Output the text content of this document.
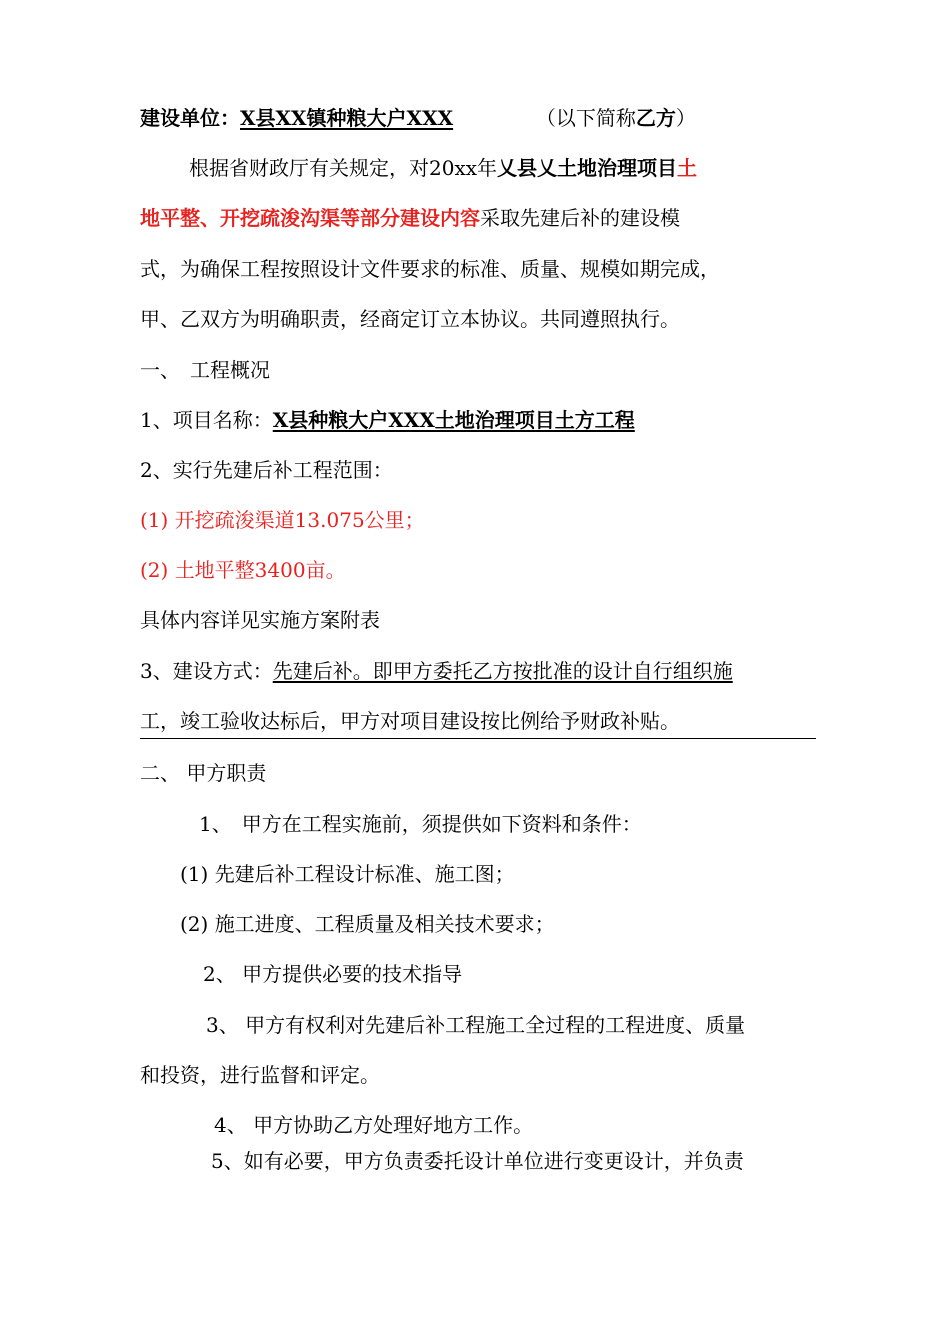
建设单位：X县XX镇种粮大户XXX	（以下简称乙方）
根据省财政厅有关规定，对20xx年乂县乂土地治理项目土
地平整、开挖疏浚沟渠等部分建设内容采取先建后补的建设模
式，为确保工程按照设计文件要求的标准、质量、规模如期完成，
甲、乙双方为明确职责，经商定订立本协议。共同遵照执行。
一、　工程概况
1、项目名称：X县种粮大户XXX土地治理项目土方工程
2、实行先建后补工程范围：
(1) 开挖疏浚渠道13.075公里；
(2) 土地平整3400亩。
具体内容详见实施方案附表
3、建设方式：先建后补。即甲方委托乙方按批准的设计自行组织施
工，竣工验收达标后，甲方对项目建设按比例给予财政补贴。
二、 甲方职责
1、　甲方在工程实施前，须提供如下资料和条件：
(1) 先建后补工程设计标准、施工图；
(2) 施工进度、工程质量及相关技术要求；
2、 甲方提供必要的技术指导
3、 甲方有权利对先建后补工程施工全过程的工程进度、质量
和投资，进行监督和评定。
4、 甲方协助乙方处理好地方工作。
5、如有必要，甲方负责委托设计单位进行变更设计，并负责
